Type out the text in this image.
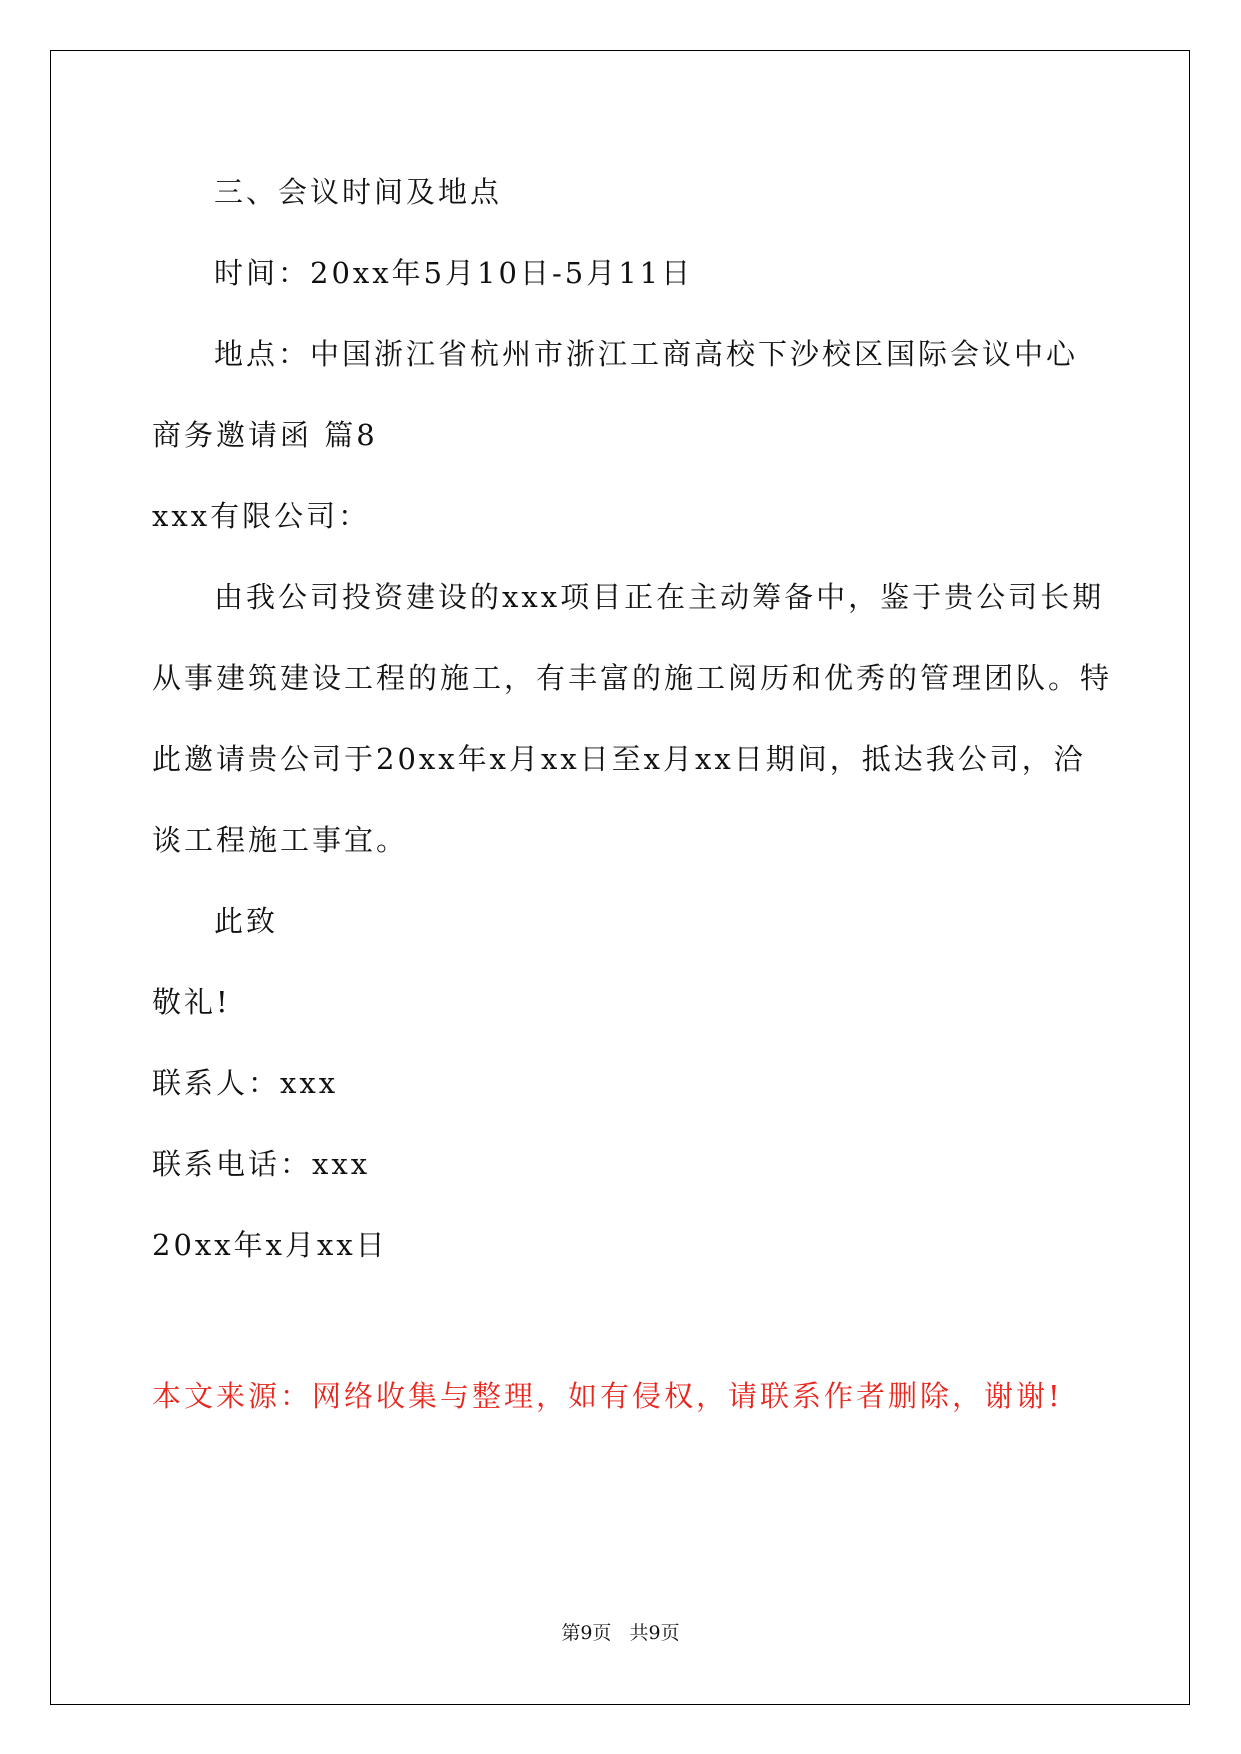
三、会议时间及地点

时间：20xx年5月10日-5月11日

地点：中国浙江省杭州市浙江工商高校下沙校区国际会议中心

商务邀请函 篇8

xxx有限公司：

由我公司投资建设的xxx项目正在主动筹备中，鉴于贵公司长期

从事建筑建设工程的施工，有丰富的施工阅历和优秀的管理团队。特

此邀请贵公司于20xx年x月xx日至x月xx日期间，抵达我公司，洽

谈工程施工事宜。

此致

敬礼!

联系人：xxx

联系电话：xxx

20xx年x月xx日

本文来源：网络收集与整理，如有侵权，请联系作者删除，谢谢!

第9页   共9页
